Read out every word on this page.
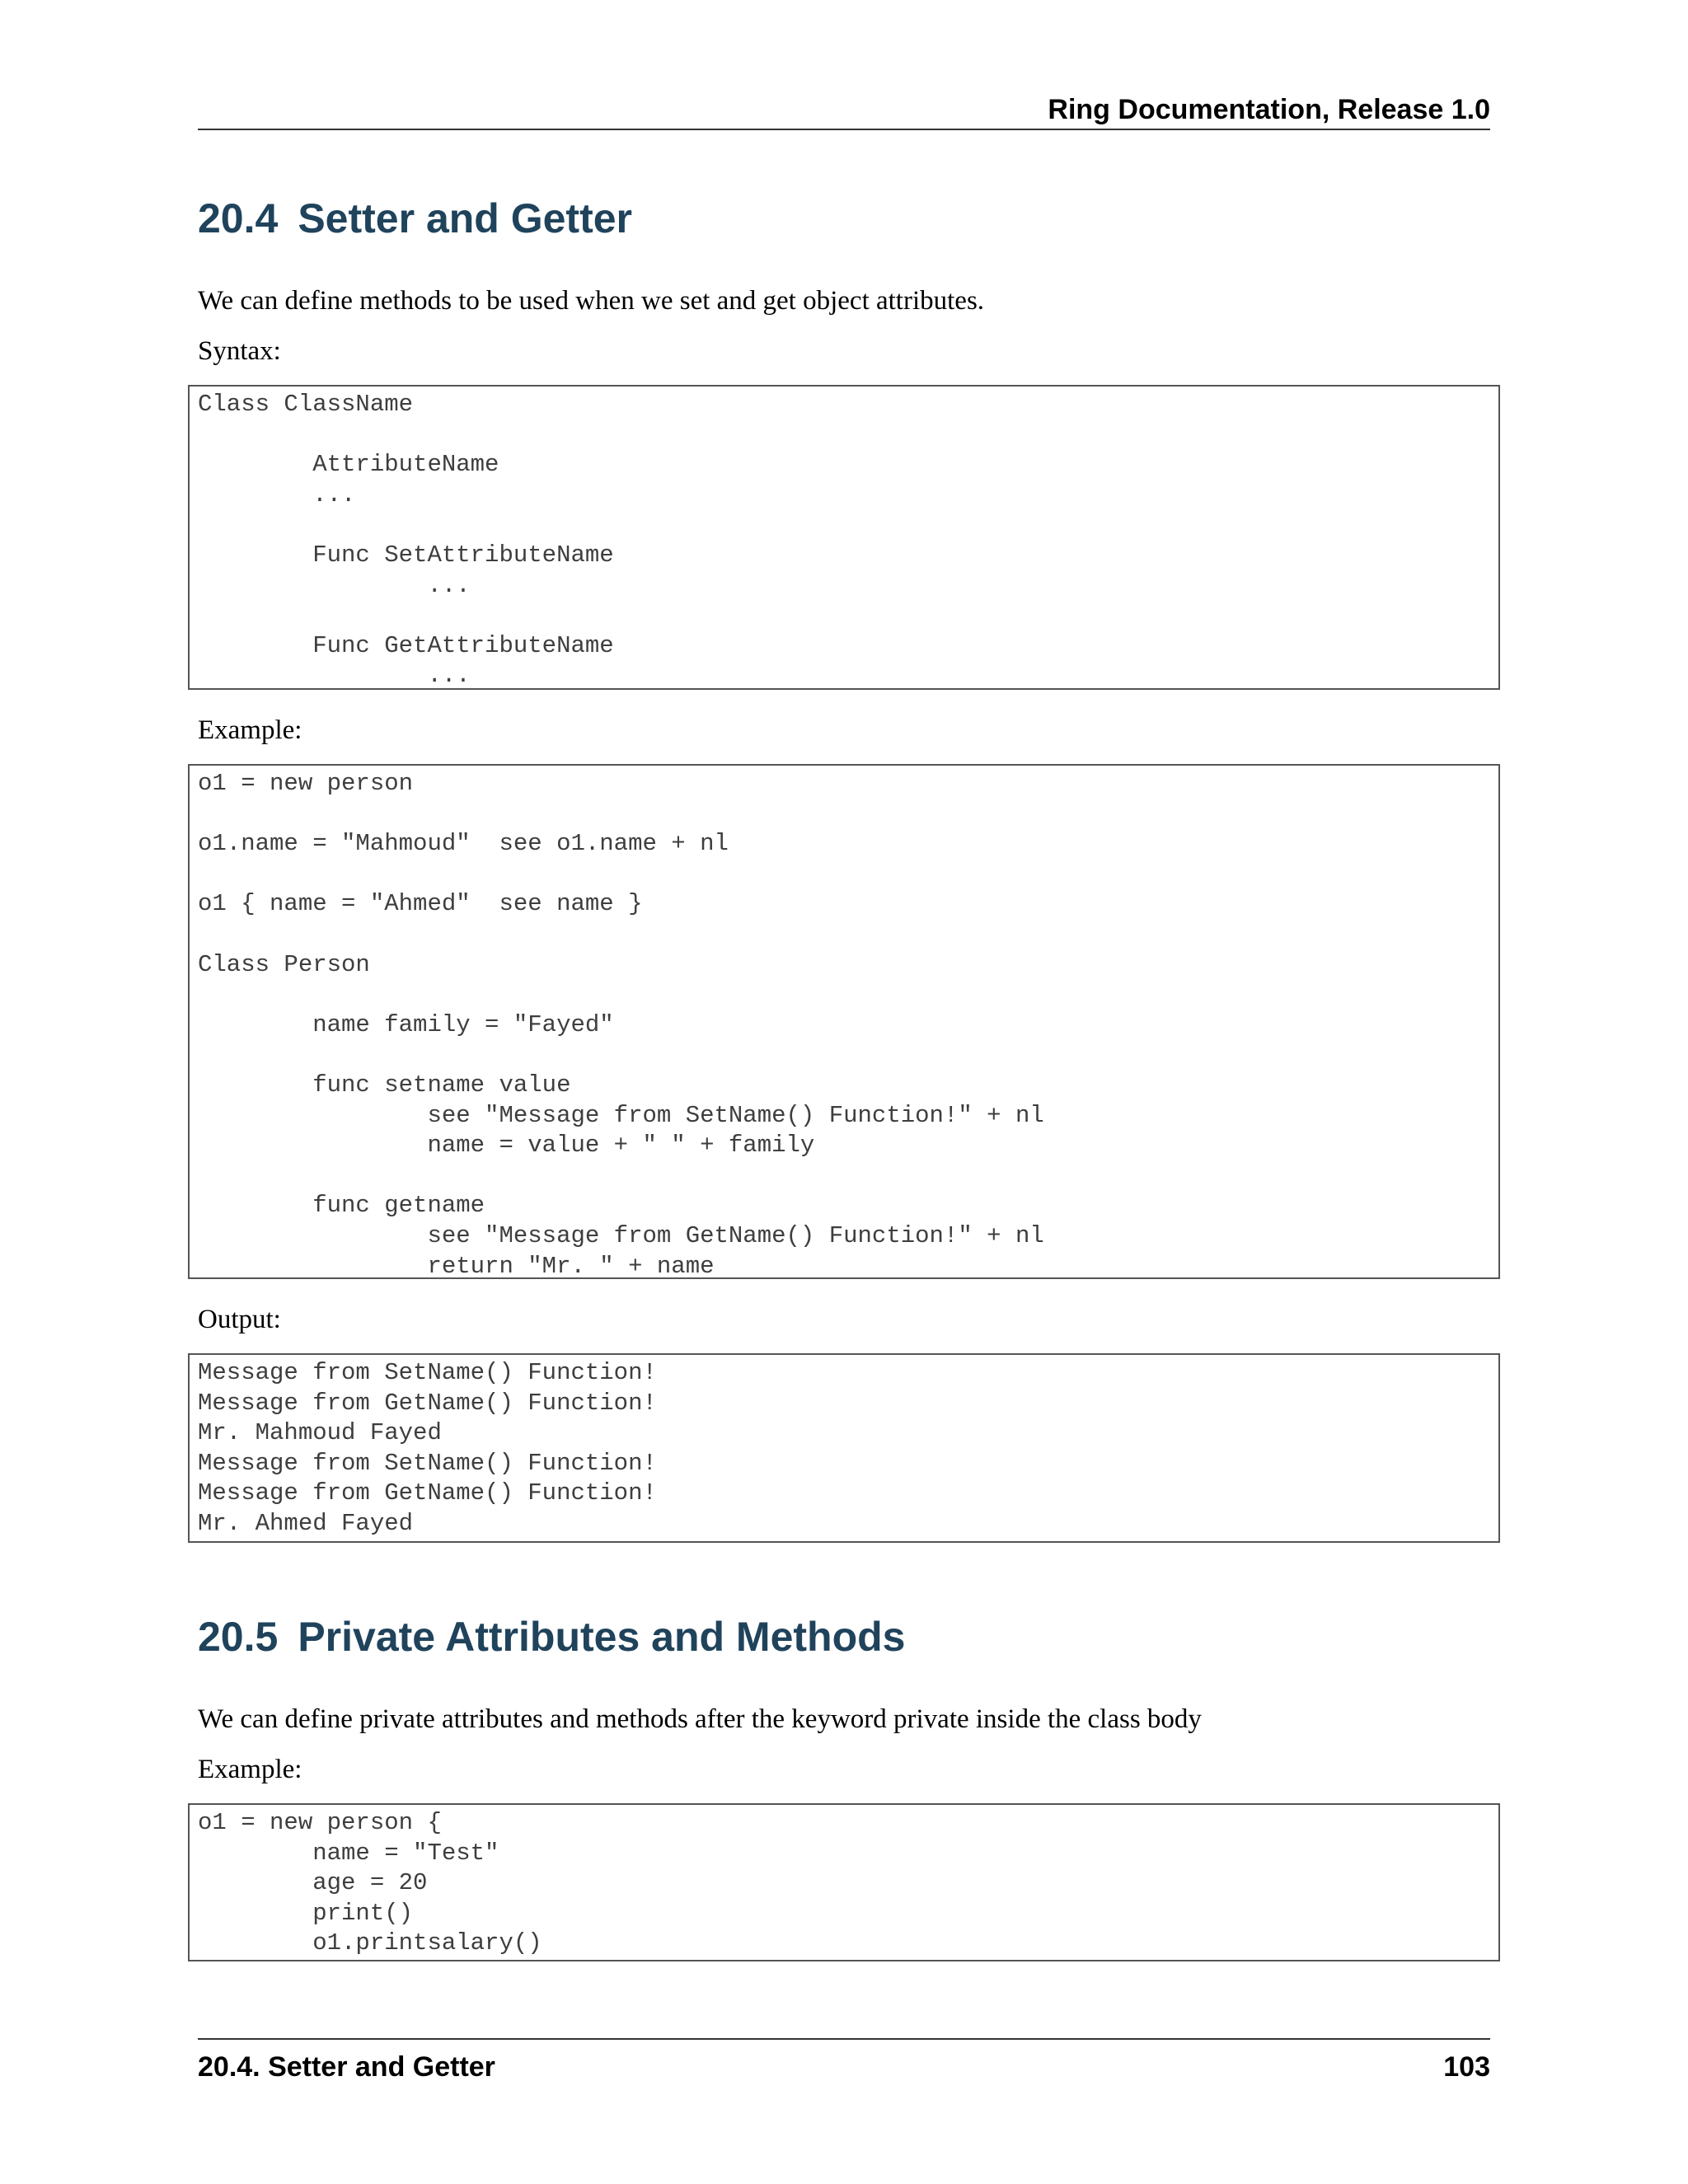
Ring Documentation, Release 1.0
20.4 Setter and Getter

We can define methods to be used when we set and get object attributes.

Syntax:

Class ClassName

AttributeName
...

Func SetAttributeName
...

Func GetAttributeName
...

Example:

o1 = new person

o1.name = "Mahmoud"  see o1.name + nl

o1 { name = "Ahmed"  see name }

Class Person

name family = "Fayed"

func setname value
see "Message from SetName() Function!" + nl
name = value + " " + family

func getname
see "Message from GetName() Function!" + nl
return "Mr. " + name

Output:

Message from SetName() Function!
Message from GetName() Function!
Mr. Mahmoud Fayed
Message from SetName() Function!
Message from GetName() Function!
Mr. Ahmed Fayed
20.5 Private Attributes and Methods

We can define private attributes and methods after the keyword private inside the class body

Example:

o1 = new person {
name = "Test"
age = 20
print()
o1.printsalary()
20.4. Setter and Getter	103
